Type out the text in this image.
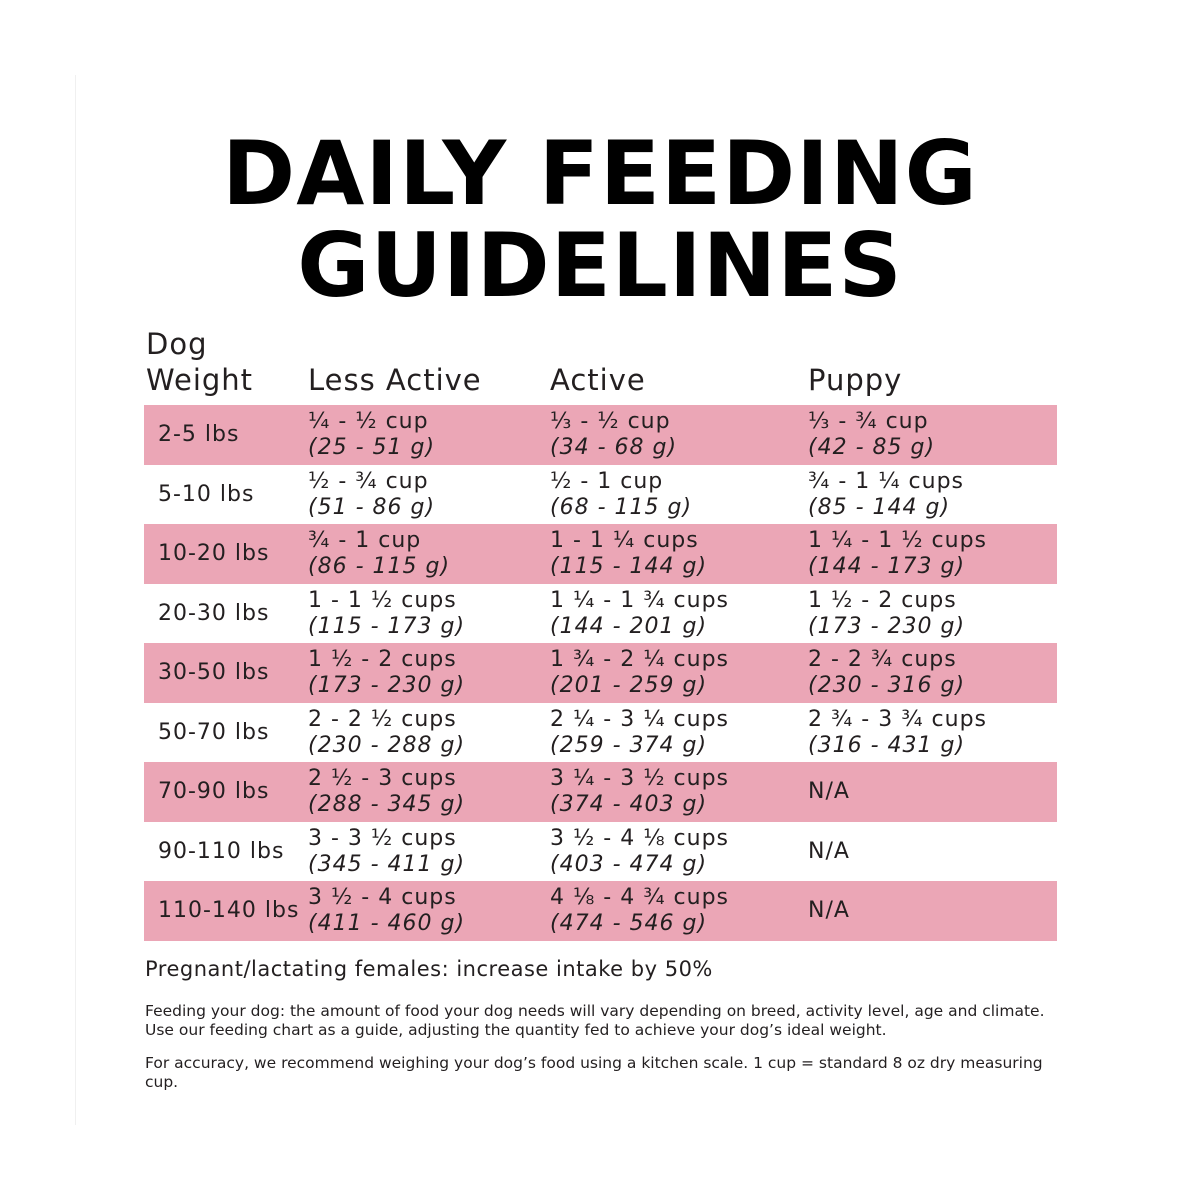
DAILY FEEDING
GUIDELINES
Dog
Weight Less Active Active	Puppy
2-5 lbs
¼ - ½ cup
(25 - 51 g)
⅓ - ½ cup
(34 - 68 g)
⅓ - ¾ cup
(42 - 85 g)
5-10 lbs
½ - ¾ cup
(51 - 86 g)
½ - 1 cup
(68 - 115 g)
¾ - 1 ¼ cups
(85 - 144 g)
10-20 lbs
¾ - 1 cup
(86 - 115 g)
1 - 1 ¼ cups
(115 - 144 g)
1 ¼ - 1 ½ cups
(144 - 173 g)
20-30 lbs
1 - 1 ½ cups
(115 - 173 g)
1 ¼ - 1 ¾ cups
(144 - 201 g)
1 ½ - 2 cups
(173 - 230 g)
30-50 lbs
1 ½ - 2 cups
(173 - 230 g)
1 ¾ - 2 ¼ cups
(201 - 259 g)
2 - 2 ¾ cups
(230 - 316 g)
50-70 lbs
2 - 2 ½ cups
(230 - 288 g)
2 ¼ - 3 ¼ cups
(259 - 374 g)
2 ¾ - 3 ¾ cups
(316 - 431 g)
70-90 lbs
2 ½ - 3 cups
(288 - 345 g)
3 ¼ - 3 ½ cups
(374 - 403 g)
N/A
90-110 lbs
3 - 3 ½ cups
(345 - 411 g)
3 ½ - 4 ⅛ cups
(403 - 474 g)
N/A
110-140 lbs
3 ½ - 4 cups
(411 - 460 g)
4 ⅛ - 4 ¾ cups
(474 - 546 g)
N/A

Pregnant/lactating females: increase intake by 50%

Feeding your dog: the amount of food your dog needs will vary depending on breed, activity level, age and climate. Use our feeding chart as a guide, adjusting the quantity fed to achieve your dog’s ideal weight.

For accuracy, we recommend weighing your dog’s food using a kitchen scale. 1 cup = standard 8 oz dry measuring cup.
